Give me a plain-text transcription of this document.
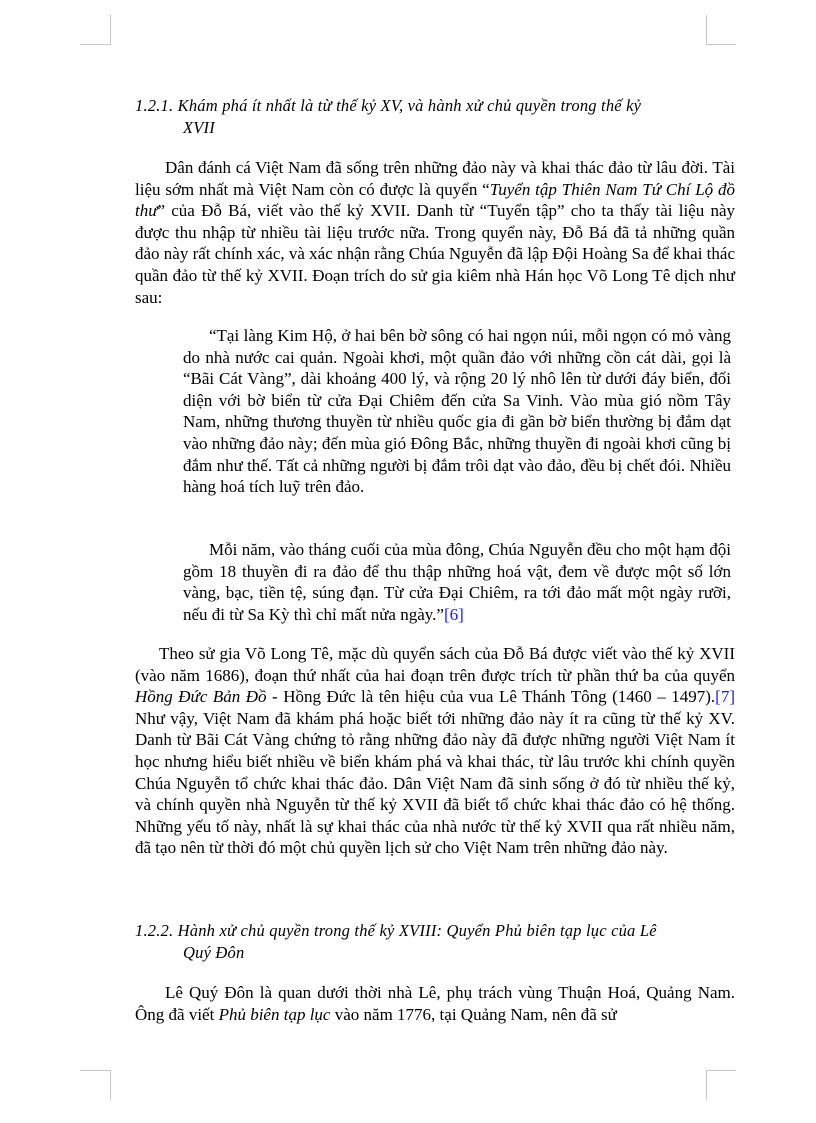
1.2.1. Khám phá ít nhất là từ thế kỷ XV, và hành xử chủ quyền trong thế kỷ
XVII
Dân đánh cá Việt Nam đã sống trên những đảo này và khai thác đảo từ lâu đời. Tài liệu sớm nhất mà Việt Nam còn có được là quyển “Tuyển tập Thiên Nam Tứ Chí Lộ đồ thư” của Đỗ Bá, viết vào thế kỷ XVII. Danh từ “Tuyển tập” cho ta thấy tài liệu này được thu nhập từ nhiều tài liệu trước nữa. Trong quyển này, Đỗ Bá đã tả những quần đảo này rất chính xác, và xác nhận rằng Chúa Nguyễn đã lập Đội Hoàng Sa để khai thác quần đảo từ thế kỷ XVII. Đoạn trích do sử gia kiêm nhà Hán học Võ Long Tê dịch như sau:
“Tại làng Kim Hộ, ở hai bên bờ sông có hai ngọn núi, mỗi ngọn có mỏ vàng do nhà nước cai quản. Ngoài khơi, một quần đảo với những cồn cát dài, gọi là “Bãi Cát Vàng”, dài khoảng 400 lý, và rộng 20 lý nhô lên từ dưới đáy biển, đối diện với bờ biển từ cửa Đại Chiêm đến cửa Sa Vinh. Vào mùa gió nồm Tây Nam, những thương thuyền từ nhiều quốc gia đi gần bờ biển thường bị đắm dạt vào những đảo này; đến mùa gió Đông Bắc, những thuyền đi ngoài khơi cũng bị đắm như thế. Tất cả những người bị đắm trôi dạt vào đảo, đều bị chết đói. Nhiều hàng hoá tích luỹ trên đảo.
Mỗi năm, vào tháng cuối của mùa đông, Chúa Nguyễn đều cho một hạm đội gồm 18 thuyền đi ra đảo để thu thập những hoá vật, đem về được một số lớn vàng, bạc, tiền tệ, súng đạn. Từ cửa Đại Chiêm, ra tới đảo mất một ngày rưỡi, nếu đi từ Sa Kỳ thì chỉ mất nửa ngày.”[6]
Theo sử gia Võ Long Tê, mặc dù quyển sách của Đỗ Bá được viết vào thế kỷ XVII (vào năm 1686), đoạn thứ nhất của hai đoạn trên được trích từ phần thứ ba của quyển Hồng Đức Bản Đồ - Hồng Đức là tên hiệu của vua Lê Thánh Tông (1460 – 1497).[7] Như vậy, Việt Nam đã khám phá hoặc biết tới những đảo này ít ra cũng từ thế kỷ XV. Danh từ Bãi Cát Vàng chứng tỏ rằng những đảo này đã được những người Việt Nam ít học nhưng hiểu biết nhiều về biển khám phá và khai thác, từ lâu trước khi chính quyền Chúa Nguyễn tổ chức khai thác đảo. Dân Việt Nam đã sinh sống ở đó từ nhiều thế kỷ, và chính quyền nhà Nguyễn từ thế kỷ XVII đã biết tổ chức khai thác đảo có hệ thống. Những yếu tố này, nhất là sự khai thác của nhà nước từ thế kỷ XVII qua rất nhiều năm, đã tạo nên từ thời đó một chủ quyền lịch sử cho Việt Nam trên những đảo này.
1.2.2. Hành xử chủ quyền trong thế kỷ XVIII: Quyển Phủ biên tạp lục của Lê
Quý Đôn
Lê Quý Đôn là quan dưới thời nhà Lê, phụ trách vùng Thuận Hoá, Quảng Nam. Ông đã viết Phủ biên tạp lục vào năm 1776, tại Quảng Nam, nên đã sử
